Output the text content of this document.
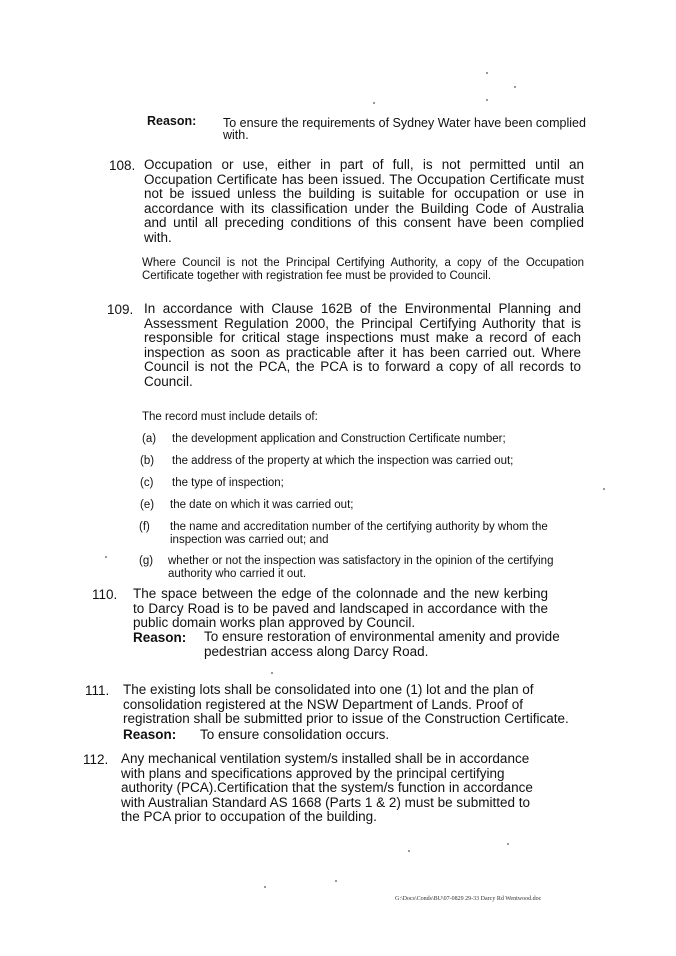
Reason: To ensure the requirements of Sydney Water have been complied with.
108. Occupation or use, either in part of full, is not permitted until an Occupation Certificate has been issued. The Occupation Certificate must not be issued unless the building is suitable for occupation or use in accordance with its classification under the Building Code of Australia and until all preceding conditions of this consent have been complied with.
Where Council is not the Principal Certifying Authority, a copy of the Occupation Certificate together with registration fee must be provided to Council.
109. In accordance with Clause 162B of the Environmental Planning and Assessment Regulation 2000, the Principal Certifying Authority that is responsible for critical stage inspections must make a record of each inspection as soon as practicable after it has been carried out. Where Council is not the PCA, the PCA is to forward a copy of all records to Council.
The record must include details of:
(a) the development application and Construction Certificate number;
(b) the address of the property at which the inspection was carried out;
(c) the type of inspection;
(e) the date on which it was carried out;
(f) the name and accreditation number of the certifying authority by whom the inspection was carried out; and
(g) whether or not the inspection was satisfactory in the opinion of the certifying authority who carried it out.
110. The space between the edge of the colonnade and the new kerbing to Darcy Road is to be paved and landscaped in accordance with the public domain works plan approved by Council.
Reason: To ensure restoration of environmental amenity and provide pedestrian access along Darcy Road.
111. The existing lots shall be consolidated into one (1) lot and the plan of consolidation registered at the NSW Department of Lands. Proof of registration shall be submitted prior to issue of the Construction Certificate.
Reason: To ensure consolidation occurs.
112. Any mechanical ventilation system/s installed shall be in accordance with plans and specifications approved by the principal certifying authority (PCA).Certification that the system/s function in accordance with Australian Standard AS 1668 (Parts 1 & 2) must be submitted to the PCA prior to occupation of the building.
G:\Docs\Conds\BU\07-0829 29-33 Darcy Rd Wentwood.doc
